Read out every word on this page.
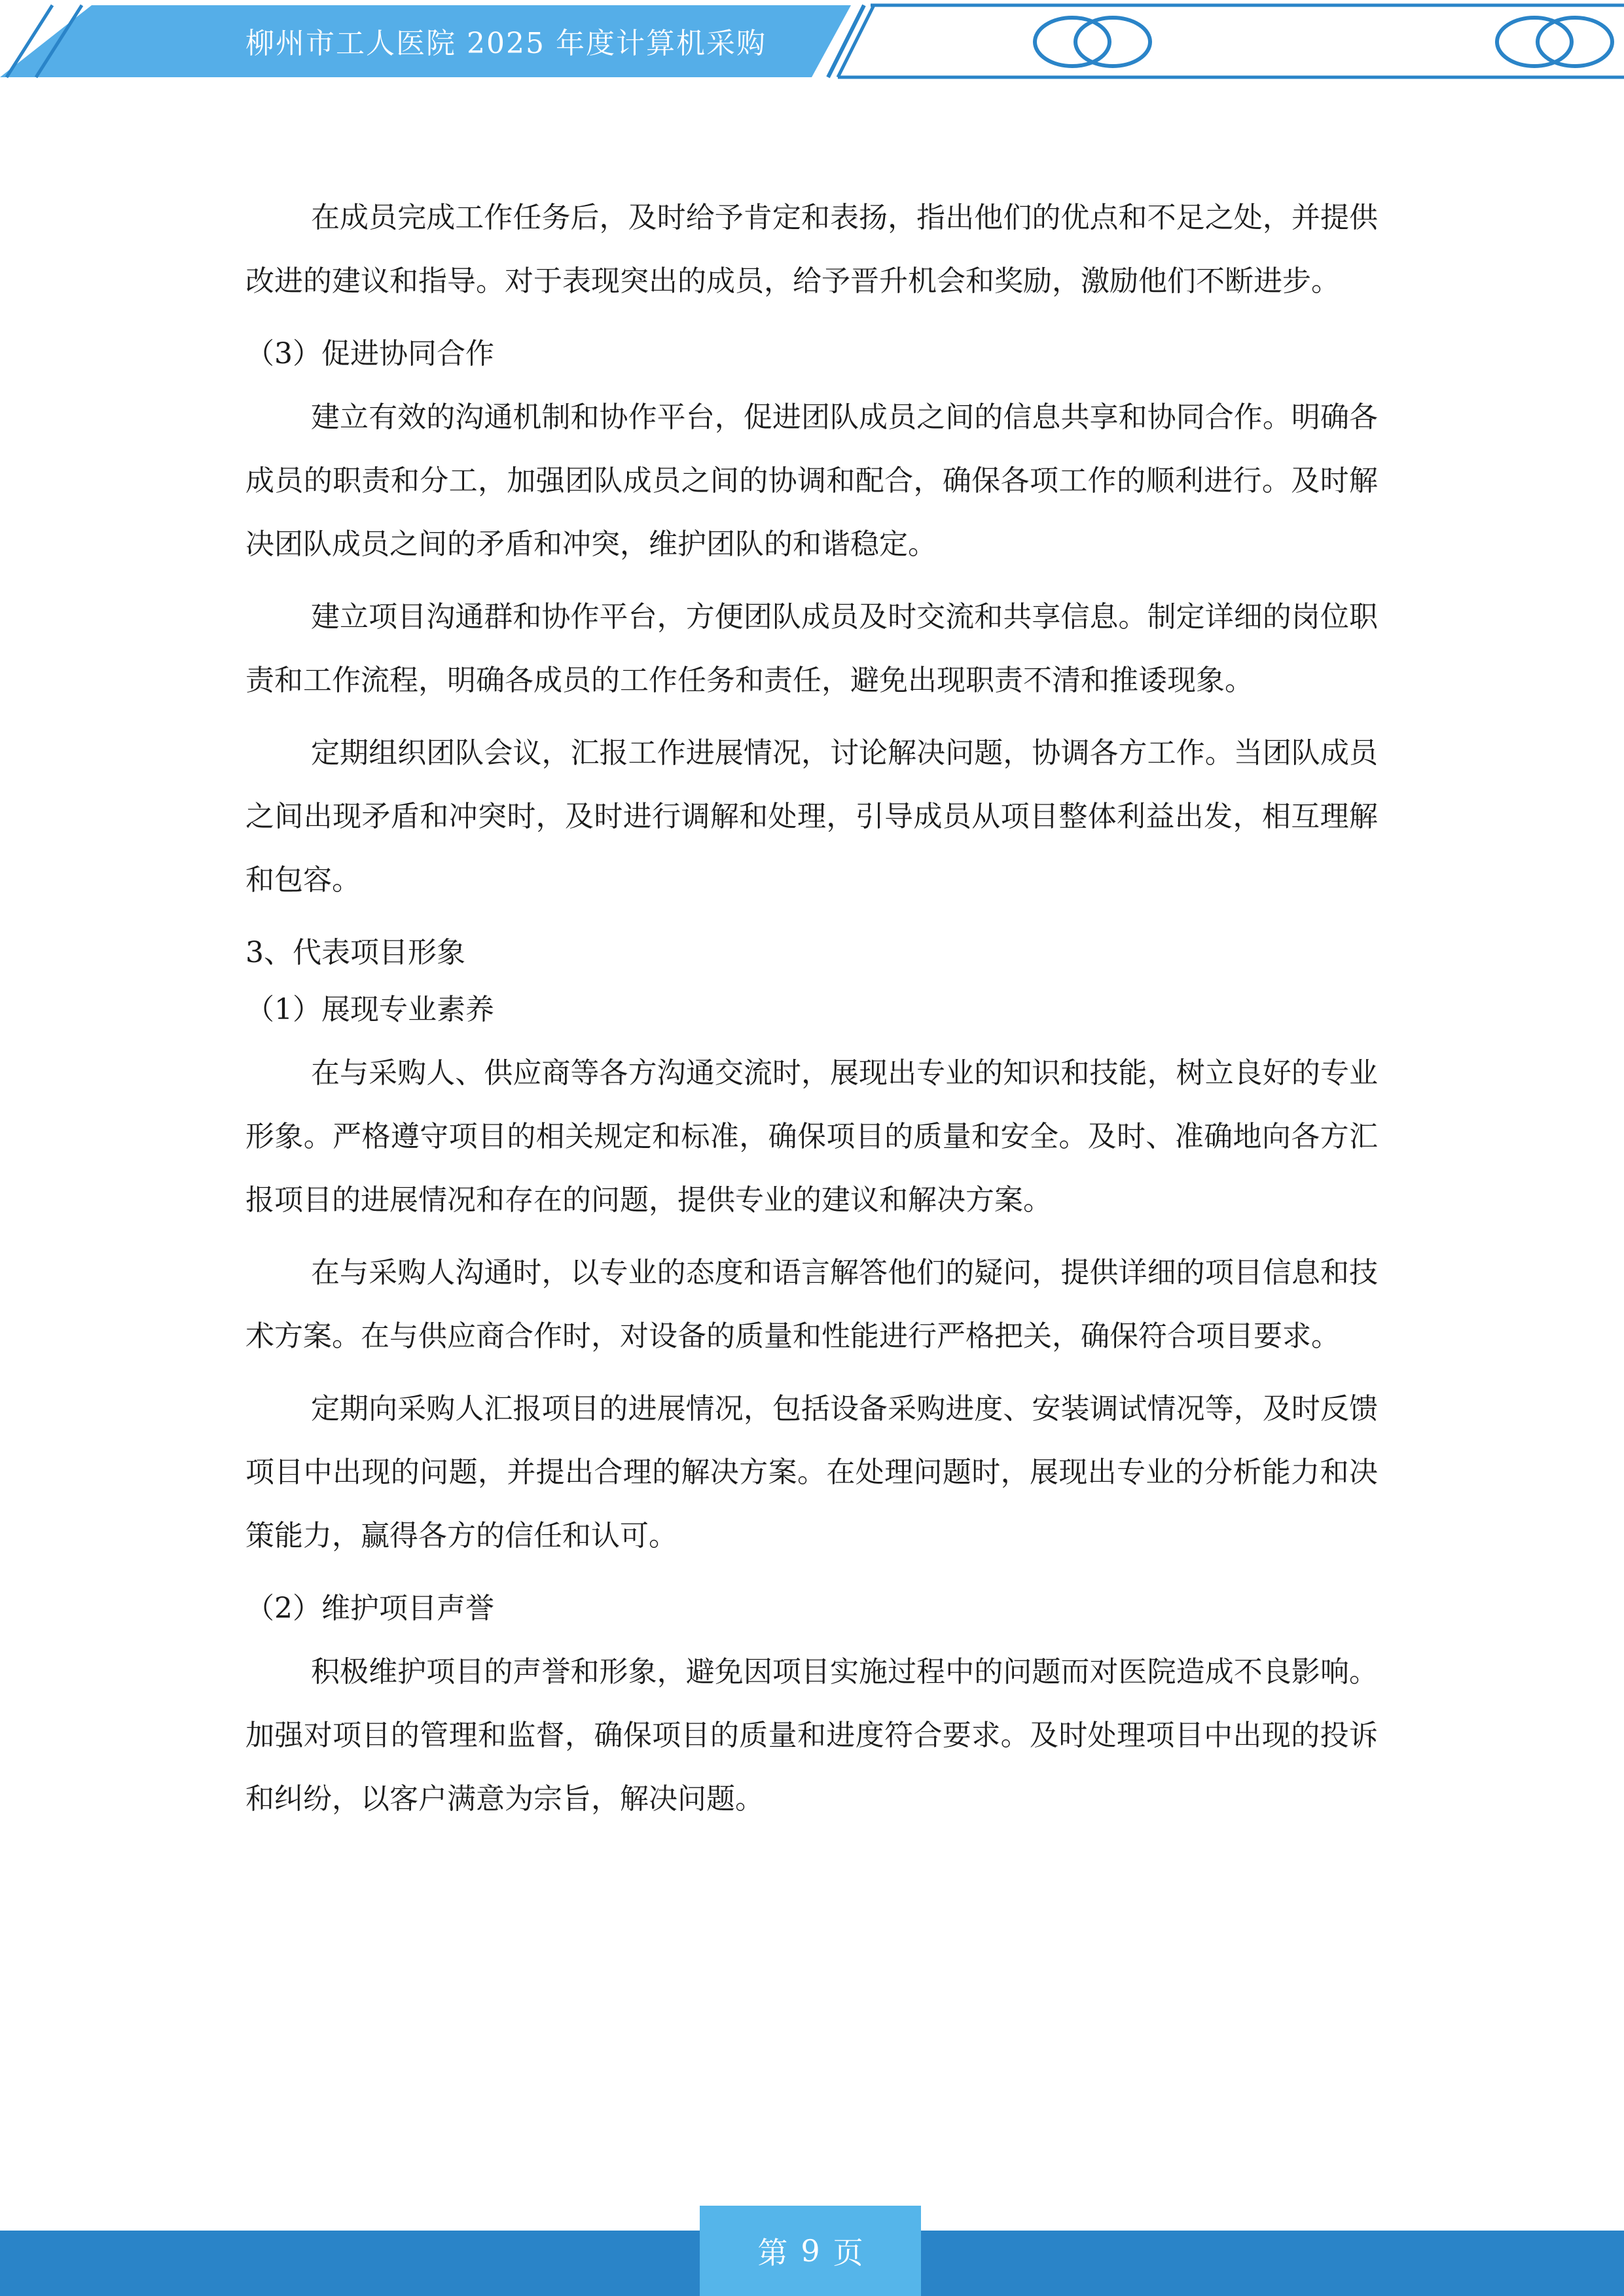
柳州市工人医院 2025 年度计算机采购

在成员完成工作任务后，及时给予肯定和表扬，指出他们的优点和不足之处，并提供改进的建议和指导。对于表现突出的成员，给予晋升机会和奖励，激励他们不断进步。

（3）促进协同合作

建立有效的沟通机制和协作平台，促进团队成员之间的信息共享和协同合作。明确各成员的职责和分工，加强团队成员之间的协调和配合，确保各项工作的顺利进行。及时解决团队成员之间的矛盾和冲突，维护团队的和谐稳定。

建立项目沟通群和协作平台，方便团队成员及时交流和共享信息。制定详细的岗位职责和工作流程，明确各成员的工作任务和责任，避免出现职责不清和推诿现象。

定期组织团队会议，汇报工作进展情况，讨论解决问题，协调各方工作。当团队成员之间出现矛盾和冲突时，及时进行调解和处理，引导成员从项目整体利益出发，相互理解和包容。

3、代表项目形象

（1）展现专业素养

在与采购人、供应商等各方沟通交流时，展现出专业的知识和技能，树立良好的专业形象。严格遵守项目的相关规定和标准，确保项目的质量和安全。及时、准确地向各方汇报项目的进展情况和存在的问题，提供专业的建议和解决方案。

在与采购人沟通时，以专业的态度和语言解答他们的疑问，提供详细的项目信息和技术方案。在与供应商合作时，对设备的质量和性能进行严格把关，确保符合项目要求。

定期向采购人汇报项目的进展情况，包括设备采购进度、安装调试情况等，及时反馈项目中出现的问题，并提出合理的解决方案。在处理问题时，展现出专业的分析能力和决策能力，赢得各方的信任和认可。

（2）维护项目声誉

积极维护项目的声誉和形象，避免因项目实施过程中的问题而对医院造成不良影响。加强对项目的管理和监督，确保项目的质量和进度符合要求。及时处理项目中出现的投诉和纠纷，以客户满意为宗旨，解决问题。

第 9 页
